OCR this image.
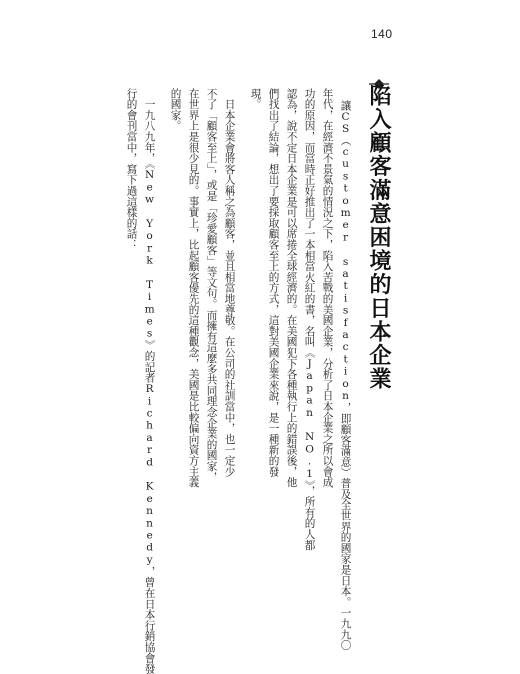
140
陷入顧客滿意困境的日本企業
讓CS（customer satisfaction，即顧客滿意）普及全世界的國家是日本。一九九〇
年代，在經濟不景氣的情況之下，陷入苦戰的美國企業，分析了日本企業之所以會成
功的原因，而當時正好推出了一本相當火紅的書，名叫《Japan NO.1》，所有的人都
認為，說不定日本企業是可以席捲全球經濟的。在美國犯下各種執行上的錯誤後，他
們找出了結論，想出了要採取顧客至上的方式，這對美國企業來說，是一種新的發
現。
　日本企業會將客人稱之為顧客，並且相當地尊敬。在公司的社訓當中，也一定少
不了「顧客至上」，或是「珍愛顧客」等文句。而擁有這麼多共同理念企業的國家，
在世界上是很少見的。事實上，比起顧客優先的這種觀念，美國是比較偏向資方主義
的國家。
　一九八九年，《New York Times》的記者Richard Kennedy，曾在日本行銷協會發
行的會刊當中，寫下過這樣的話：
